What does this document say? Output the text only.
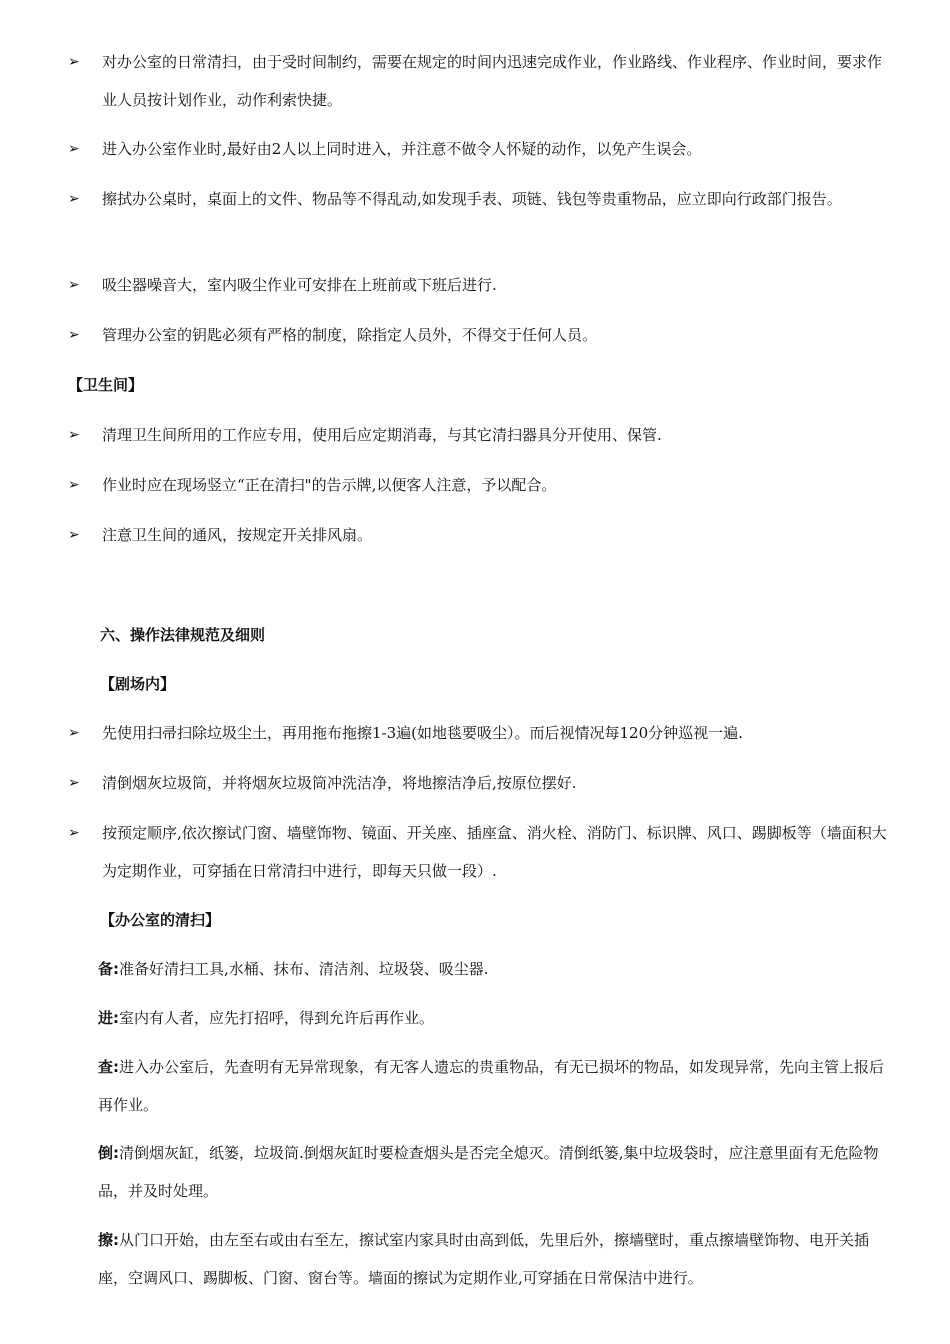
➢	对办公室的日常清扫，由于受时间制约，需要在规定的时间内迅速完成作业，作业路线、作业程序、作业时间，要求作业人员按计划作业，动作利索快捷。
➢	进入办公室作业时,最好由2人以上同时进入，并注意不做令人怀疑的动作，以免产生误会。
➢	擦拭办公桌时，桌面上的文件、物品等不得乱动,如发现手表、项链、钱包等贵重物品，应立即向行政部门报告。
➢	吸尘器噪音大，室内吸尘作业可安排在上班前或下班后进行.
➢	管理办公室的钥匙必须有严格的制度，除指定人员外，不得交于任何人员。
【卫生间】
➢	清理卫生间所用的工作应专用，使用后应定期消毒，与其它清扫器具分开使用、保管.
➢	作业时应在现场竖立“正在清扫"的告示牌,以便客人注意，予以配合。
➢	注意卫生间的通风，按规定开关排风扇。
六、操作法律规范及细则
【剧场内】
➢	先使用扫帚扫除垃圾尘土，再用拖布拖擦1-3遍(如地毯要吸尘）。而后视情况每120分钟巡视一遍.
➢	清倒烟灰垃圾筒，并将烟灰垃圾筒冲洗洁净，将地擦洁净后,按原位摆好.
➢	按预定顺序,依次擦试门窗、墙壁饰物、镜面、开关座、插座盒、消火栓、消防门、标识牌、风口、踢脚板等（墙面积大为定期作业，可穿插在日常清扫中进行，即每天只做一段）.
【办公室的清扫】
备:准备好清扫工具,水桶、抹布、清洁剂、垃圾袋、吸尘器.
进:室内有人者，应先打招呼，得到允许后再作业。
查:进入办公室后，先查明有无异常现象，有无客人遗忘的贵重物品，有无已损坏的物品，如发现异常，先向主管上报后再作业。
倒:清倒烟灰缸，纸篓，垃圾筒.倒烟灰缸时要检查烟头是否完全熄灭。清倒纸篓,集中垃圾袋时，应注意里面有无危险物品，并及时处理。
擦:从门口开始，由左至右或由右至左，擦试室内家具时由高到低，先里后外，擦墙壁时，重点擦墙壁饰物、电开关插座，空调风口、踢脚板、门窗、窗台等。墙面的擦试为定期作业,可穿插在日常保洁中进行。
